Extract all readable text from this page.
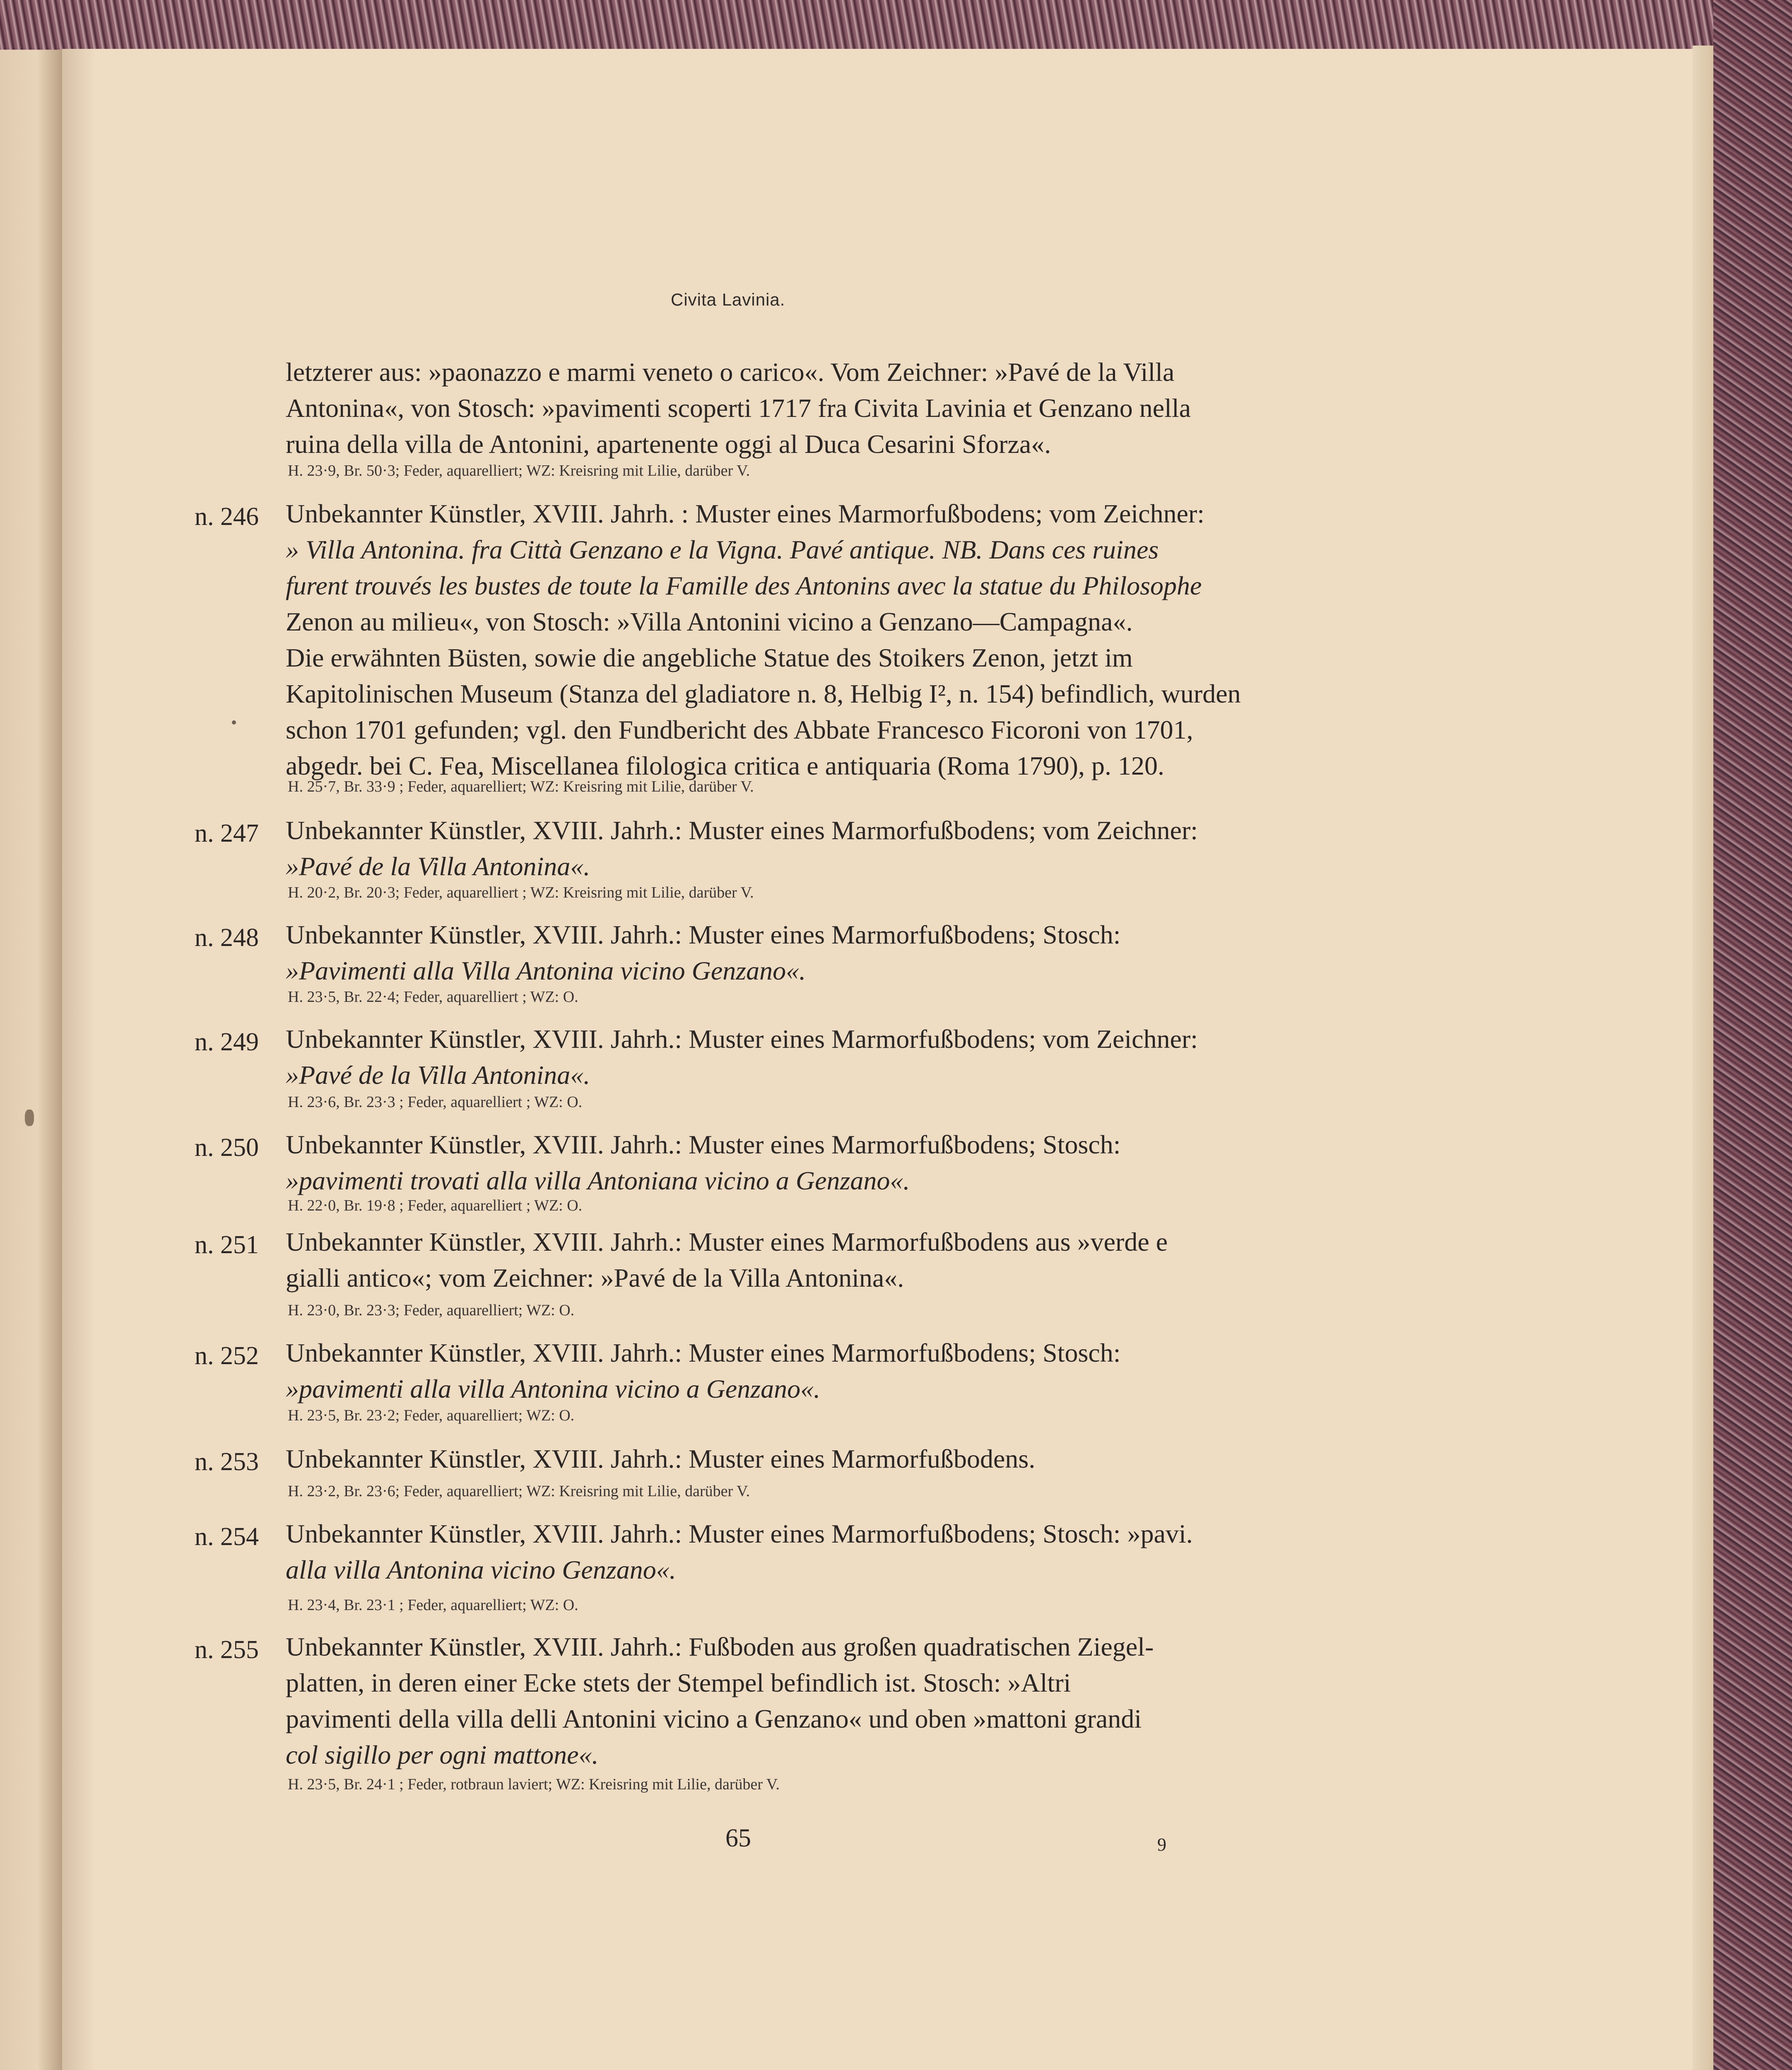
Civita Lavinia.
letzterer aus: »paonazzo e marmi veneto o carico«. Vom Zeichner: »Pavé de la Villa
Antonina«, von Stosch: »pavimenti scoperti 1717 fra Civita Lavinia et Genzano nella
ruina della villa de Antonini, apartenente oggi al Duca Cesarini Sforza«.
H. 23·9, Br. 50·3; Feder, aquarelliert; WZ: Kreisring mit Lilie, darüber V.
n. 246 Unbekannter Künstler, XVIII. Jahrh. : Muster eines Marmorfußbodens; vom Zeichner:
» Villa Antonina. fra Città Genzano e la Vigna. Pavé antique. NB. Dans ces ruines
furent trouvés les bustes de toute la Famille des Antonins avec la statue du Philosophe
Zenon au milieu«, von Stosch: »Villa Antonini vicino a Genzano—Campagna«.
Die erwähnten Büsten, sowie die angebliche Statue des Stoikers Zenon, jetzt im
Kapitolinischen Museum (Stanza del gladiatore n. 8, Helbig I², n. 154) befindlich, wurden
schon 1701 gefunden; vgl. den Fundbericht des Abbate Francesco Ficoroni von 1701,
abgedr. bei C. Fea, Miscellanea filologica critica e antiquaria (Roma 1790), p. 120.
H. 25·7, Br. 33·9 ; Feder, aquarelliert; WZ: Kreisring mit Lilie, darüber V.
n. 247 Unbekannter Künstler, XVIII. Jahrh.: Muster eines Marmorfußbodens; vom Zeichner:
»Pavé de la Villa Antonina«.
H. 20·2, Br. 20·3; Feder, aquarelliert ; WZ: Kreisring mit Lilie, darüber V.
n. 248 Unbekannter Künstler, XVIII. Jahrh.: Muster eines Marmorfußbodens; Stosch:
»Pavimenti alla Villa Antonina vicino Genzano«.
H. 23·5, Br. 22·4; Feder, aquarelliert ; WZ: O.
n. 249 Unbekannter Künstler, XVIII. Jahrh.: Muster eines Marmorfußbodens; vom Zeichner:
»Pavé de la Villa Antonina«.
H. 23·6, Br. 23·3 ; Feder, aquarelliert ; WZ: O.
n. 250 Unbekannter Künstler, XVIII. Jahrh.: Muster eines Marmorfußbodens; Stosch:
»pavimenti trovati alla villa Antoniana vicino a Genzano«.
H. 22·0, Br. 19·8 ; Feder, aquarelliert ; WZ: O.
n. 251 Unbekannter Künstler, XVIII. Jahrh.: Muster eines Marmorfußbodens aus »verde e
gialli antico«; vom Zeichner: »Pavé de la Villa Antonina«.
H. 23·0, Br. 23·3; Feder, aquarelliert; WZ: O.
n. 252 Unbekannter Künstler, XVIII. Jahrh.: Muster eines Marmorfußbodens; Stosch:
»pavimenti alla villa Antonina vicino a Genzano«.
H. 23·5, Br. 23·2; Feder, aquarelliert; WZ: O.
n. 253 Unbekannter Künstler, XVIII. Jahrh.: Muster eines Marmorfußbodens.
H. 23·2, Br. 23·6; Feder, aquarelliert; WZ: Kreisring mit Lilie, darüber V.
n. 254 Unbekannter Künstler, XVIII. Jahrh.: Muster eines Marmorfußbodens; Stosch: »pavi.
alla villa Antonina vicino Genzano«.
H. 23·4, Br. 23·1 ; Feder, aquarelliert; WZ: O.
n. 255 Unbekannter Künstler, XVIII. Jahrh.: Fußboden aus großen quadratischen Ziegel-
platten, in deren einer Ecke stets der Stempel befindlich ist. Stosch: »Altri
pavimenti della villa delli Antonini vicino a Genzano« und oben »mattoni grandi
col sigillo per ogni mattone«.
H. 23·5, Br. 24·1 ; Feder, rotbraun laviert; WZ: Kreisring mit Lilie, darüber V.
65	9
